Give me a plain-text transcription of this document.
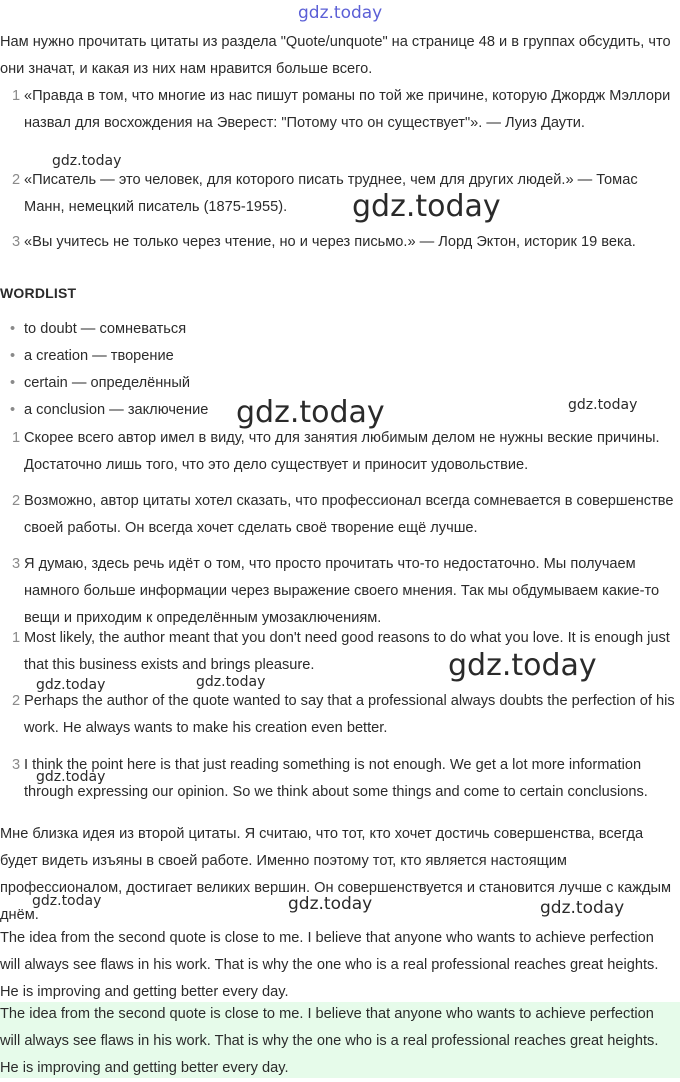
Нам нужно прочитать цитаты из раздела "Quote/unquote" на странице 48 и в группах обсудить, что они значат, и какая из них нам нравится больше всего.

1 «Правда в том, что многие из нас пишут романы по той же причине, которую Джордж Мэллори назвал для восхождения на Эверест: "Потому что он существует"». — Луиз Даути.
2 «Писатель — это человек, для которого писать труднее, чем для других людей.» — Томас Манн, немецкий писатель (1875-1955).
3 «Вы учитесь не только через чтение, но и через письмо.» — Лорд Эктон, историк 19 века.
WORDLIST
• to doubt — сомневаться
• a creation — творение
• certain — определённый
• a conclusion — заключение
1 Скорее всего автор имел в виду, что для занятия любимым делом не нужны веские причины. Достаточно лишь того, что это дело существует и приносит удовольствие.
2 Возможно, автор цитаты хотел сказать, что профессионал всегда сомневается в совершенстве своей работы. Он всегда хочет сделать своё творение ещё лучше.
3 Я думаю, здесь речь идёт о том, что просто прочитать что-то недостаточно. Мы получаем намного больше информации через выражение своего мнения. Так мы обдумываем какие-то вещи и приходим к определённым умозаключениям.
1 Most likely, the author meant that you don't need good reasons to do what you love. It is enough just that this business exists and brings pleasure.
2 Perhaps the author of the quote wanted to say that a professional always doubts the perfection of his work. He always wants to make his creation even better.
3 I think the point here is that just reading something is not enough. We get a lot more information through expressing our opinion. So we think about some things and come to certain conclusions.

Мне близка идея из второй цитаты. Я считаю, что тот, кто хочет достичь совершенства, всегда будет видеть изъяны в своей работе. Именно поэтому тот, кто является настоящим профессионалом, достигает великих вершин. Он совершенствуется и становится лучше с каждым днём.

The idea from the second quote is close to me. I believe that anyone who wants to achieve perfection will always see flaws in his work. That is why the one who is a real professional reaches great heights. He is improving and getting better every day.

The idea from the second quote is close to me. I believe that anyone who wants to achieve perfection will always see flaws in his work. That is why the one who is a real professional reaches great heights. He is improving and getting better every day.

gdz.today
gdz.today
gdz.today
gdz.today	gdz.today
gdz.today
gdz.today	gdz.today
gdz.today
gdz.today	gdz.today	gdz.today
